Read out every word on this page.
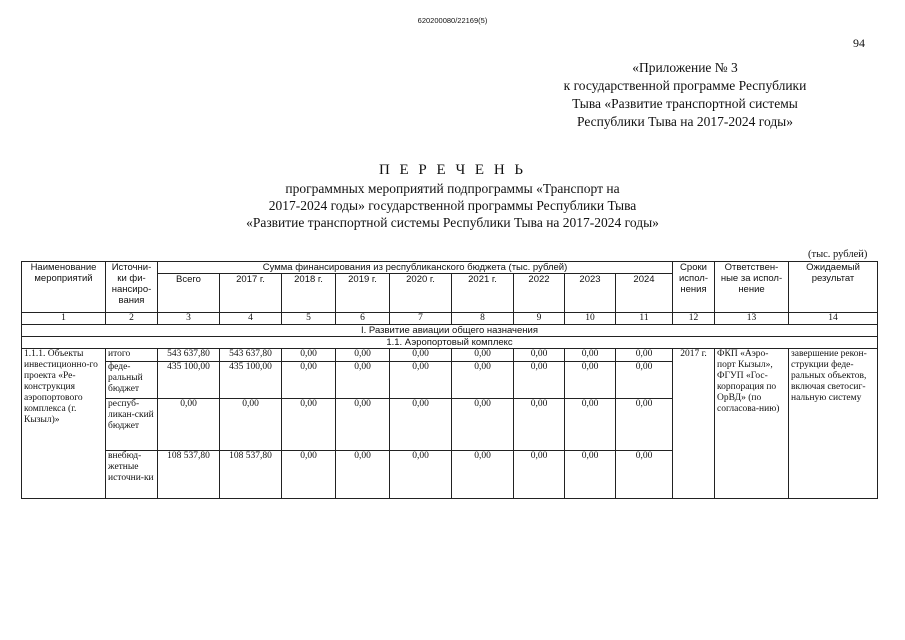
620200080/22169(5)
94
«Приложение № 3
к государственной программе Республики
Тыва «Развитие транспортной системы
Республики Тыва на 2017-2024 годы»
П Е Р Е Ч Е Н Ь
программных мероприятий подпрограммы «Транспорт на
2017-2024 годы» государственной программы Республики Тыва
«Развитие транспортной системы Республики Тыва на 2017-2024 годы»
(тыс. рублей)
Наименование мероприятий	Источни-ки фи-нансиро-вания	Сумма финансирования из республиканского бюджета (тыс. рублей)									Сроки испол-нения	Ответствен-ные за испол-нение	Ожидаемый результат
		Всего	2017 г.	2018 г.	2019 г.	2020 г.	2021 г.	2022	2023	2024			
1	2	3	4	5	6	7	8	9	10	11	12	13	14
I. Развитие авиации общего назначения													
1.1. Аэропортовый комплекс													
1.1.1. Объекты инвестиционно-го проекта «Ре-конструкция аэропортового комплекса (г. Кызыл)»	итого	543 637,80	543 637,80	0,00	0,00	0,00	0,00	0,00	0,00	0,00	2017 г.	ФКП «Аэро-порт Кызыл», ФГУП «Гос-корпорация по ОрВД» (по согласова-нию)	завершение рекон-струкции феде-ральных объектов, включая светосиг-нальную систему
	феде-ральный бюджет	435 100,00	435 100,00	0,00	0,00	0,00	0,00	0,00	0,00	0,00			
	респуб-ликан-ский бюджет	0,00	0,00	0,00	0,00	0,00	0,00	0,00	0,00	0,00			
	внебюд-жетные источни-ки	108 537,80	108 537,80	0,00	0,00	0,00	0,00	0,00	0,00	0,00			
